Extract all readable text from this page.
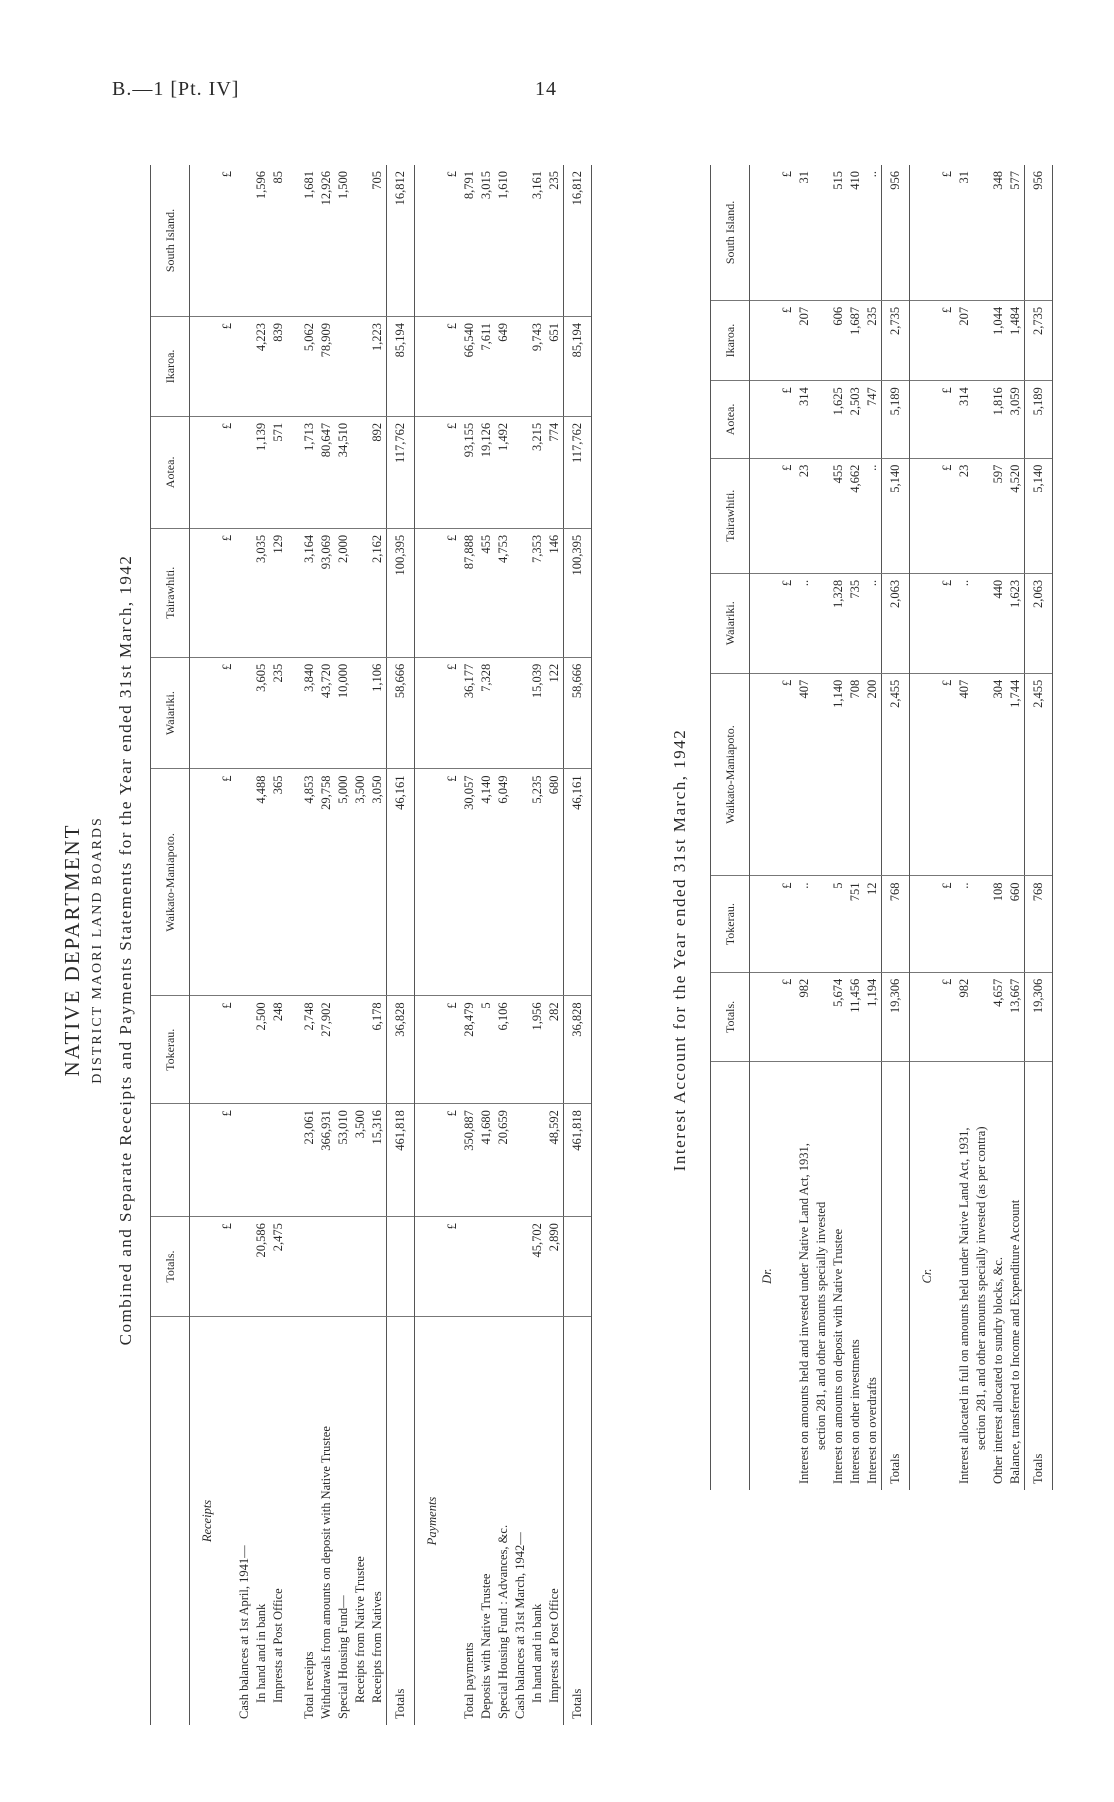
B.—1 [Pt. IV]	14
NATIVE DEPARTMENT DISTRICT MAORI LAND BOARDS Combined and Separate Receipts and Payments Statements for the Year ended 31st March, 1942
	Totals.		Tokerau.	Waikato-Maniapoto.	Waiariki.	Tairawhiti.	Aotea.	Ikaroa.	South Island.
Receipts									
	£	£	£	£	£	£	£	£	£
Cash balances at 1st April, 1941—									
In hand and in bank	20,586		2,500	4,488	3,605	3,035	1,139	4,223	1,596
Imprests at Post Office	2,475		248	365	235	129	571	839	85

Total receipts		23,061	2,748	4,853	3,840	3,164	1,713	5,062	1,681
Withdrawals from amounts on deposit with Native Trustee		366,931	27,902	29,758	43,720	93,069	80,647	78,909	12,926
Special Housing Fund—		53,010		5,000	10,000	2,000	34,510		1,500
Receipts from Native Trustee		3,500		3,500					
Receipts from Natives		15,316	6,178	3,050	1,106	2,162	892	1,223	705
Totals		461,818	36,828	46,161	58,666	100,395	117,762	85,194	16,812
Payments									
	£	£	£	£	£	£	£	£	£
Total payments		350,887	28,479	30,057	36,177	87,888	93,155	66,540	8,791
Deposits with Native Trustee		41,680	5	4,140	7,328	455	19,126	7,611	3,015
Special Housing Fund : Advances, &c.		20,659	6,106	6,049		4,753	1,492	649	1,610
Cash balances at 31st March, 1942—									
In hand and in bank	45,702		1,956	5,235	15,039	7,353	3,215	9,743	3,161
Imprests at Post Office	2,890	48,592	282	680	122	146	774	651	235
Totals		461,818	36,828	46,161	58,666	100,395	117,762	85,194	16,812
Interest Account for the Year ended 31st March, 1942
		Totals.	Tokerau.	Waikato-Maniapoto.	Waiariki.	Tairawhiti.	Aotea.	Ikaroa.	South Island.
Dr.								
	£	£	£	£	£	£	£	£
Interest on amounts held and invested under Native Land Act, 1931,	982	..	407	..	23	314	207	31
section 281, and other amounts specially invested								
Interest on amounts on deposit with Native Trustee	5,674	5	1,140	1,328	455	1,625	606	515
Interest on other investments	11,456	751	708	735	4,662	2,503	1,687	410
Interest on overdrafts	1,194	12	200	..	..	747	235	..
Totals	19,306	768	2,455	2,063	5,140	5,189	2,735	956
Cr.								
	£	£	£	£	£	£	£	£
Interest allocated in full on amounts held under Native Land Act, 1931,	982	..	407	..	23	314	207	31
section 281, and other amounts specially invested (as per contra)								
Other interest allocated to sundry blocks, &c.	4,657	108	304	440	597	1,816	1,044	348
Balance, transferred to Income and Expenditure Account	13,667	660	1,744	1,623	4,520	3,059	1,484	577
Totals	19,306	768	2,455	2,063	5,140	5,189	2,735	956
